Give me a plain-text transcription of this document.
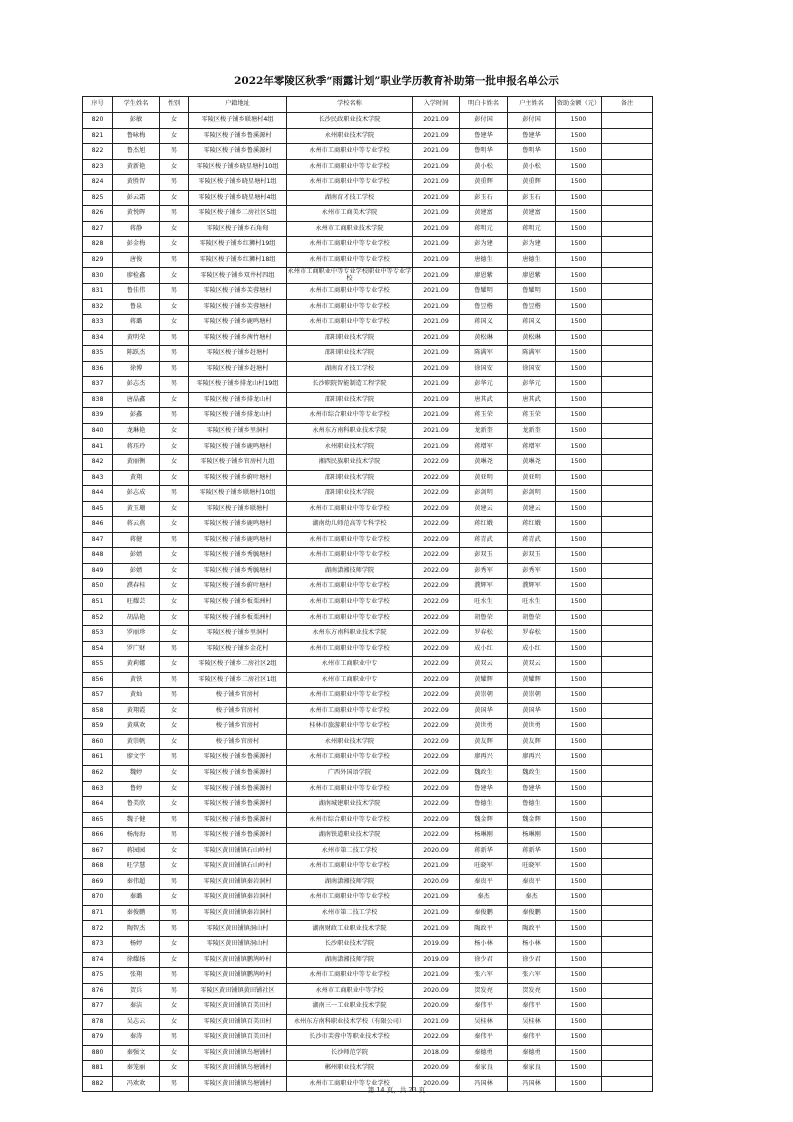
2022年零陵区秋季“雨露计划”职业学历教育补助第一批申报名单公示
序号	学生姓名	性别	户籍地址	学校名称	入学时间	明白卡姓名	户主姓名	资助金额（元）	备注
820	彭敏	女	零陵区梭子铺乡联塘村4组	长沙民政职业技术学院	2021.09	彭付国	彭付国	1500	
821	鲁咏梅	女	零陵区梭子铺乡鲁溪源村	永州职业技术学院	2021.09	鲁建华	鲁建华	1500	
822	鲁杰旭	男	零陵区梭子铺乡鲁溪源村	永州市工商职业中等专业学校	2021.09	鲁明华	鲁明华	1500	
823	黄新艳	女	零陵区梭子铺乡晓星塘村10组	永州市工商职业中等专业学校	2021.09	黄小松	黄小松	1500	
824	黄胜智	男	零陵区梭子铺乡晓星塘村1组	永州市工商职业中等专业学校	2021.09	黄重辉	黄重辉	1500	
825	彭云霜	女	零陵区梭子铺乡晓星塘村4组	湖南育才技工学校	2021.09	彭玉石	彭玉石	1500	
826	黄悦晖	男	零陵区梭子铺乡二房社区5组	永州市工商美术学院	2021.09	黄建富	黄建富	1500	
827	蒋静	女	零陵区梭子铺乡石角甸	永州市工商职业技术学院	2021.09	蒋明元	蒋明元	1500	
828	彭金梅	女	零陵区梭子铺乡红狮村19组	永州市工商职业中等专业学校	2021.09	彭为建	彭为建	1500	
829	唐俊	男	零陵区梭子铺乡红狮村18组	永州市工商职业中等专业学校	2021.09	唐德生	唐德生	1500	
830	廖检鑫	女	零陵区梭子铺乡双井村四组	永州市工商职业中等专业学校职业中等专业学校	2021.09	廖恩紫	廖恩紫	1500	
831	鲁佳伟	男	零陵区梭子铺乡芙蓉塘村	永州市工商职业中等专业学校	2021.09	鲁耀明	鲁耀明	1500	
832	鲁泉	女	零陵区梭子铺乡芙蓉塘村	永州市工商职业中等专业学校	2021.09	鲁昱楷	鲁昱楷	1500	
833	蒋璐	女	零陵区梭子铺乡鹿鸣塘村	永州市工商职业中等专业学校	2021.09	蒋国义	蒋国义	1500	
834	黄明荣	男	零陵区梭子铺乡茜竹塘村	邵阳职业技术学院	2021.09	黄松琳	黄松琳	1500	
835	陈跃杰	男	零陵区梭子铺乡赶塘村	邵阳职业技术学院	2021.09	陈满军	陈满军	1500	
836	徐博	男	零陵区梭子铺乡赶塘村	湖南育才技工学校	2021.09	徐国安	徐国安	1500	
837	彭志杰	男	零陵区梭子铺乡排龙山村19组	长沙职院智能制造工程学院	2021.09	彭华元	彭华元	1500	
838	唐晶鑫	女	零陵区梭子铺乡排龙山村	邵阳职业技术学院	2021.09	唐其武	唐其武	1500	
839	彭鑫	男	零陵区梭子铺乡排龙山村	永州市综合职业中等专业学校	2021.09	蒋玉荣	蒋玉荣	1500	
840	龙琳艳	女	零陵区梭子铺乡里洞村	永州东方南科职业技术学院	2021.09	龙新奎	龙新奎	1500	
841	蒋珏玲	女	零陵区梭子铺乡鹿鸣塘村	永州职业技术学院	2021.09	蒋增军	蒋增军	1500	
842	黄丽衡	女	零陵区梭子铺乡官房村九组	湘西民族职业技术学院	2022.09	黄琳尧	黄琳尧	1500	
843	黄翔	女	零陵区梭子铺乡蔚叶塘村	邵阳职业技术学院	2022.09	黄亚明	黄亚明	1500	
844	彭志成	男	零陵区梭子铺乡联塘村10组	邵阳职业技术学院	2022.09	彭剑明	彭剑明	1500	
845	黄玉珊	女	零陵区梭子铺乡联塘村	永州市工商职业中等专业学校	2022.09	黄建云	黄建云	1500	
846	蒋云燕	女	零陵区梭子铺乡鹿鸣塘村	湖南幼儿师范高等专科学校	2022.09	蒋红娥	蒋红娥	1500	
847	蒋健	男	零陵区梭子铺乡鹿鸣塘村	永州市工商职业中等专业学校	2022.09	蒋青武	蒋青武	1500	
848	彭婧	女	零陵区梭子铺乡秀毓塘村	永州市工商职业中等专业学校	2022.09	彭双玉	彭双玉	1500	
849	彭婧	女	零陵区梭子铺乡秀毓塘村	湖南潇湘技师学院	2022.09	彭秀军	彭秀军	1500	
850	濮春桂	女	零陵区梭子铺乡蔚叶塘村	永州市工商职业中等专业学校	2022.09	濮辉军	濮辉军	1500	
851	旺耀芸	女	零陵区梭子铺乡板栗洲村	永州市工商职业中等专业学校	2022.09	旺水生	旺水生	1500	
852	胡晶艳	女	零陵区梭子铺乡板栗洲村	永州市工商职业中等专业学校	2022.09	胡鲁荣	胡鲁荣	1500	
853	罗丽珍	女	零陵区梭子铺乡里洞村	永州东方南科职业技术学院	2022.09	罗春松	罗春松	1500	
854	罗广财	男	零陵区梭子铺乡金花村	永州市工商职业中等专业学校	2022.09	成小红	成小红	1500	
855	黄莉娜	女	零陵区梭子铺乡二房社区2组	永州市工商职业中专	2022.09	黄双云	黄双云	1500	
856	黄铁	男	零陵区梭子铺乡二房社区1组	永州市工商职业中专	2022.09	黄耀辉	黄耀辉	1500	
857	黄灿	男	梭子铺乡官房村	永州市工商职业中等专业学校	2022.09	黄崇朝	黄崇朝	1500	
858	黄翔霞	女	梭子铺乡官房村	永州市工商职业中等专业学校	2022.09	黄国华	黄国华	1500	
859	黄琪欢	女	梭子铺乡官房村	桂林市旅游职业中等专业学校	2022.09	黄世勇	黄世勇	1500	
860	黄崇帆	女	梭子铺乡官房村	永州职业技术学院	2022.09	黄友辉	黄友辉	1500	
861	廖文宇	男	零陵区梭子铺乡鲁溪源村	永州市工商职业中等专业学校	2022.09	廖再兴	廖再兴	1500	
862	魏婷	女	零陵区梭子铺乡鲁溪源村	广西外国语学院	2022.09	魏政生	魏政生	1500	
863	鲁婷	女	零陵区梭子铺乡鲁溪源村	永州市工商职业中等专业学校	2022.09	鲁建华	鲁建华	1500	
864	鲁美欣	女	零陵区梭子铺乡鲁溪源村	湖南城建职业技术学院	2022.09	鲁德生	鲁德生	1500	
865	魏子健	男	零陵区梭子铺乡鲁溪源村	永州市综合职业中等专业学校	2022.09	魏金辉	魏金辉	1500	
866	杨海海	男	零陵区梭子铺乡鲁溪源村	湖南铁道职业技术学院	2022.09	杨琳刚	杨琳刚	1500	
867	蒋园园	女	零陵区黄田铺镇石山岭村	永州市第二技工学校	2020.09	蒋新华	蒋新华	1500	
868	旺学慧	女	零陵区黄田铺镇石山岭村	永州市工商职业中等专业学校	2021.09	旺晓军	旺晓军	1500	
869	秦伟超	男	零陵区黄田铺镇秦岩洞村	湖南潇湘技师学院	2020.09	秦贵平	秦贵平	1500	
870	秦璐	女	零陵区黄田铺镇秦岩洞村	永州市工商职业中等专业学校	2021.09	秦杰	秦杰	1500	
871	秦俊鹏	男	零陵区黄田铺镇秦岩洞村	永州市第二技工学校	2021.09	秦俊鹏	秦俊鹏	1500	
872	陶智杰	男	零陵区黄田铺镇洞山村	湖南财政工业职业技术学院	2021.09	陶政平	陶政平	1500	
873	杨婷	女	零陵区黄田铺镇洞山村	长沙职业技术学院	2019.09	杨小林	杨小林	1500	
874	徐耀扬	女	零陵区黄田铺镇鹏鸠岭村	湖南潇湘技师学院	2019.09	徐少君	徐少君	1500	
875	张翔	男	零陵区黄田铺镇鹏鸠岭村	永州市工商职业中等专业学校	2021.09	张六军	张六军	1500	
876	贺兵	男	零陵区黄田铺镇黄田铺社区	永州市工商职业中等学校	2020.09	贺发亮	贺发亮	1500	
877	秦洁	女	零陵区黄田铺镇百美田村	湖南三一工业职业技术学院	2020.09	秦伟平	秦伟平	1500	
878	吴志云	女	零陵区黄田铺镇百美田村	永州东方南科职业技术学校（有限公司）	2021.09	吴桂林	吴桂林	1500	
879	秦涛	男	零陵区黄田铺镇百美田村	长沙市芙蓉中等职业技术学校	2022.09	秦伟平	秦伟平	1500	
880	秦强文	女	零陵区黄田铺镇鸟塘铺村	长沙师范学院	2018.09	秦德勇	秦德勇	1500	
881	秦笼丽	女	零陵区黄田铺镇鸟塘铺村	郴州职业技术学院	2020.09	秦家良	秦家良	1500	
882	冯欢欢	男	零陵区黄田铺镇鸟塘铺村	永州市工商职业中等专业学校	2020.09	冯国林	冯国林	1500	
第 14 页，共 23 页
